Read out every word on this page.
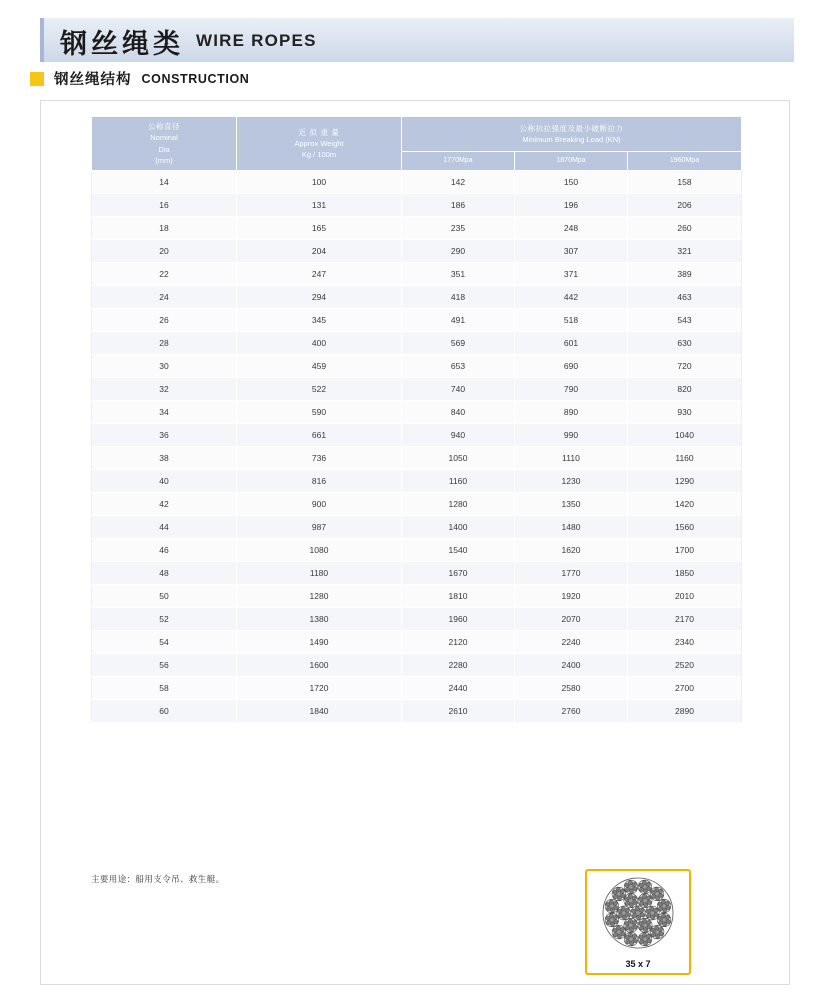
钢丝绳类 WIRE ROPES
钢丝绳结构 CONSTRUCTION
公称直径
Nominal
Dia
(mm)	近 似 重 量
Approx Weight
Kg / 100m	公称抗拉强度及最小破断拉力
Minimum Breaking Load (KN)		

		1770Mpa	1870Mpa	1960Mpa
14	100	142	150	158
16	131	186	196	206
18	165	235	248	260
20	204	290	307	321
22	247	351	371	389
24	294	418	442	463
26	345	491	518	543
28	400	569	601	630
30	459	653	690	720
32	522	740	790	820
34	590	840	890	930
36	661	940	990	1040
38	736	1050	1110	1160
40	816	1160	1230	1290
42	900	1280	1350	1420
44	987	1400	1480	1560
46	1080	1540	1620	1700
48	1180	1670	1770	1850
50	1280	1810	1920	2010
52	1380	1960	2070	2170
54	1490	2120	2240	2340
56	1600	2280	2400	2520
58	1720	2440	2580	2700
60	1840	2610	2760	2890
主要用途：船用支令吊、救生艇。
35 x 7
